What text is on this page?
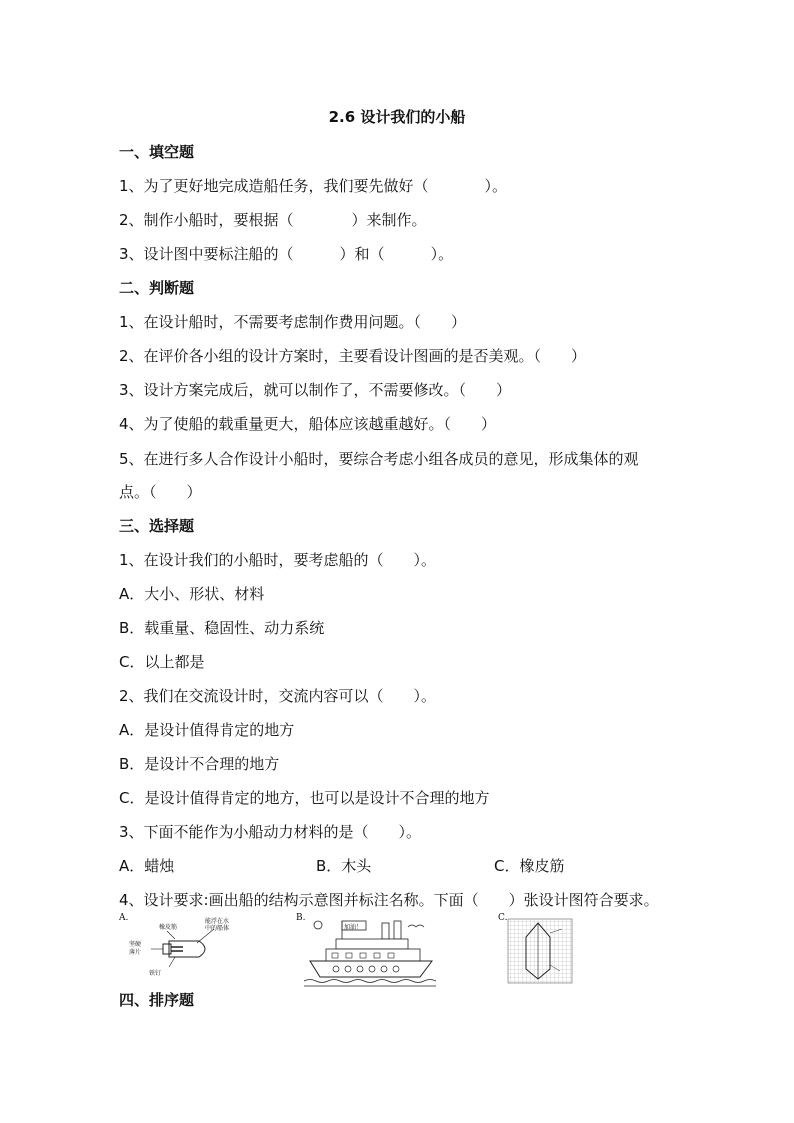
2.6 设计我们的小船
一、填空题
1、为了更好地完成造船任务，我们要先做好（	）。
2、制作小船时，要根据（	）来制作。
3、设计图中要标注船的（	）和（	）。
二、判断题
1、在设计船时，不需要考虑制作费用问题。（　　）
2、在评价各小组的设计方案时，主要看设计图画的是否美观。（　　）
3、设计方案完成后，就可以制作了，不需要修改。（　　）
4、为了使船的载重量更大，船体应该越重越好。（　　）
5、在进行多人合作设计小船时，要综合考虑小组各成员的意见，形成集体的观
点。（　　）
三、选择题
1、在设计我们的小船时，要考虑船的（　　）。
A．大小、形状、材料
B．载重量、稳固性、动力系统
C．以上都是
2、我们在交流设计时，交流内容可以（　　）。
A．是设计值得肯定的地方
B．是设计不合理的地方
C．是设计值得肯定的地方，也可以是设计不合理的地方
3、下面不能作为小船动力材料的是（　　）。
A．蜡烛	B．木头	C．橡皮筋
4、设计要求:画出船的结构示意图并标注名称。下面（　　）张设计图符合要求。
A.
橡皮筋
能浮在水
中的船体
坚硬
薄片
铁钉
B.
加油！
C.
四、排序题
